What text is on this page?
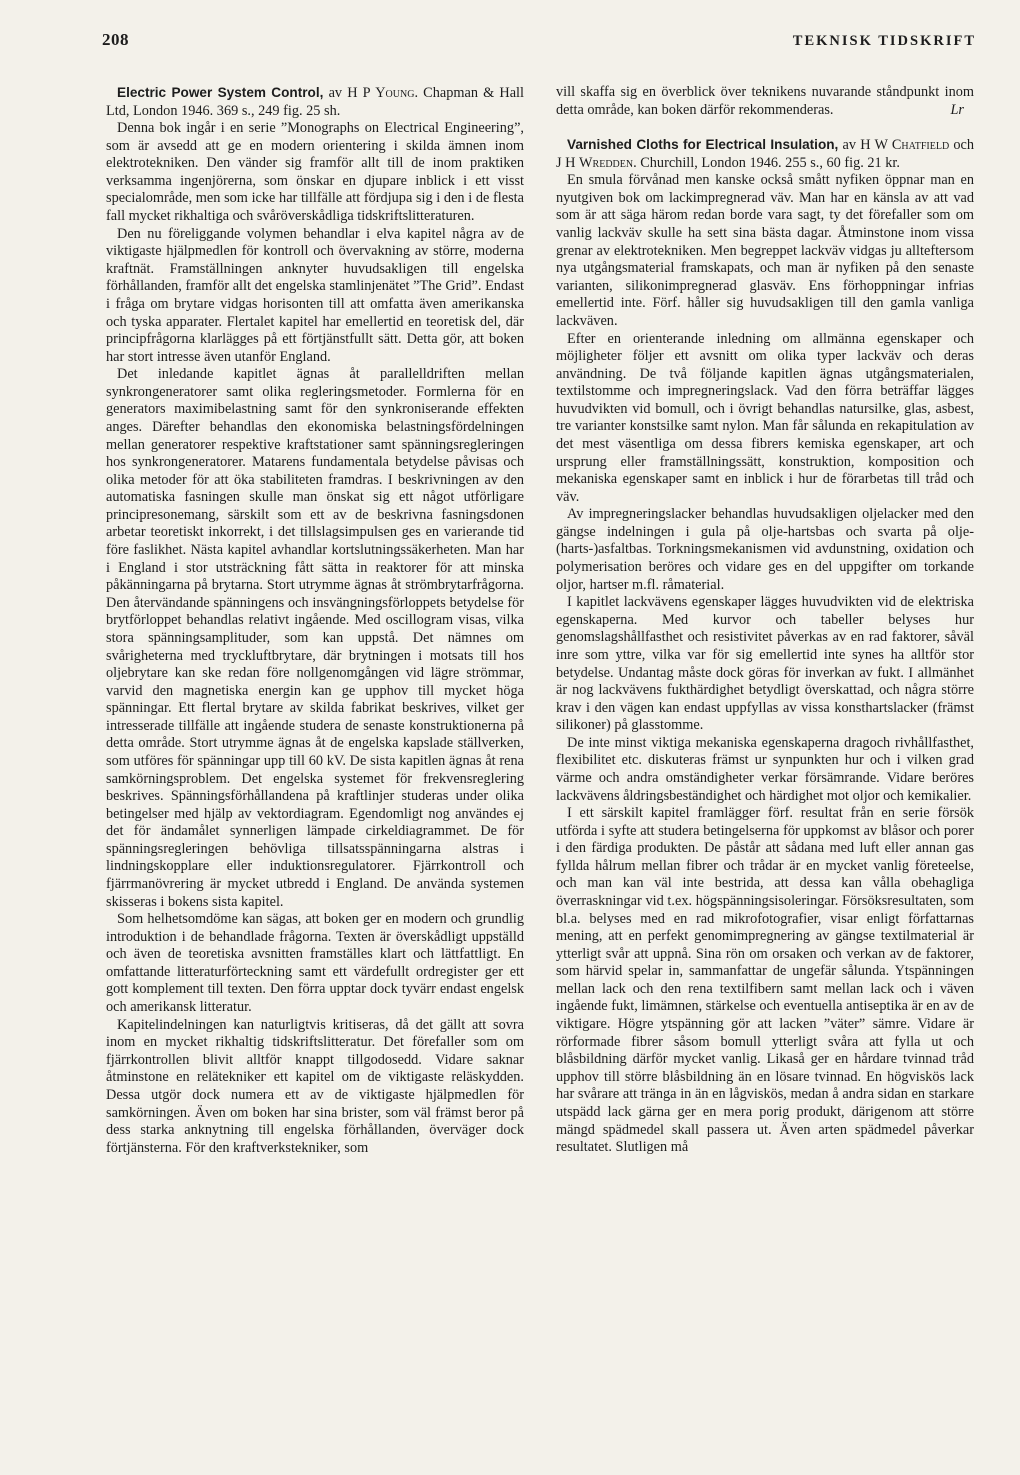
208	TEKNISK TIDSKRIFT

Electric Power System Control, av H P Young. Chapman & Hall Ltd, London 1946. 369 s., 249 fig. 25 sh.

Denna bok ingår i en serie ”Monographs on Electrical Engineering”, som är avsedd att ge en modern orientering i skilda ämnen inom elektrotekniken. Den vänder sig framför allt till de inom praktiken verksamma ingenjörerna, som önskar en djupare inblick i ett visst specialområde, men som icke har tillfälle att fördjupa sig i den i de flesta fall mycket rikhaltiga och svåröverskådliga tidskriftslitteraturen.

Den nu föreliggande volymen behandlar i elva kapitel några av de viktigaste hjälpmedlen för kontroll och övervakning av större, moderna kraftnät. Framställningen anknyter huvudsakligen till engelska förhållanden, framför allt det engelska stamlinjenätet ”The Grid”. Endast i fråga om brytare vidgas horisonten till att omfatta även amerikanska och tyska apparater. Flertalet kapitel har emellertid en teoretisk del, där principfrågorna klarlägges på ett förtjänstfullt sätt. Detta gör, att boken har stort intresse även utanför England.

Det inledande kapitlet ägnas åt parallelldriften mellan synkrongeneratorer samt olika regleringsmetoder. Formlerna för en generators maximibelastning samt för den synkroniserande effekten anges. Därefter behandlas den ekonomiska belastningsfördelningen mellan generatorer respektive kraftstationer samt spänningsregleringen hos synkrongeneratorer. Matarens fundamentala betydelse påvisas och olika metoder för att öka stabiliteten framdras. I beskrivningen av den automatiska fasningen skulle man önskat sig ett något utförligare principresonemang, särskilt som ett av de beskrivna fasningsdonen arbetar teoretiskt inkorrekt, i det tillslagsimpulsen ges en varierande tid före faslikhet. Nästa kapitel avhandlar kortslutningssäkerheten. Man har i England i stor utsträckning fått sätta in reaktorer för att minska påkänningarna på brytarna. Stort utrymme ägnas åt strömbrytarfrågorna. Den återvändande spänningens och insvängningsförloppets betydelse för brytförloppet behandlas relativt ingående. Med oscillogram visas, vilka stora spänningsamplituder, som kan uppstå. Det nämnes om svårigheterna med tryckluftbrytare, där brytningen i motsats till hos oljebrytare kan ske redan före nollgenomgången vid lägre strömmar, varvid den magnetiska energin kan ge upphov till mycket höga spänningar. Ett flertal brytare av skilda fabrikat beskrives, vilket ger intresserade tillfälle att ingående studera de senaste konstruktionerna på detta område. Stort utrymme ägnas åt de engelska kapslade ställverken, som utföres för spänningar upp till 60 kV. De sista kapitlen ägnas åt rena samkörningsproblem. Det engelska systemet för frekvensreglering beskrives. Spänningsförhållandena på kraftlinjer studeras under olika betingelser med hjälp av vektordiagram. Egendomligt nog användes ej det för ändamålet synnerligen lämpade cirkeldiagrammet. De för spänningsregleringen behövliga tillsatsspänningarna alstras i lindningskopplare eller induktionsregulatorer. Fjärrkontroll och fjärrmanövrering är mycket utbredd i England. De använda systemen skisseras i bokens sista kapitel.

Som helhetsomdöme kan sägas, att boken ger en modern och grundlig introduktion i de behandlade frågorna. Texten är överskådligt uppställd och även de teoretiska avsnitten framställes klart och lättfattligt. En omfattande litteraturförteckning samt ett värdefullt ordregister ger ett gott komplement till texten. Den förra upptar dock tyvärr endast engelsk och amerikansk litteratur.

Kapitelindelningen kan naturligtvis kritiseras, då det gällt att sovra inom en mycket rikhaltig tidskriftslitteratur. Det förefaller som om fjärrkontrollen blivit alltför knappt tillgodosedd. Vidare saknar åtminstone en reläteknikeг ett kapitel om de viktigaste reläskydden. Dessa utgör dock numera ett av de viktigaste hjälpmedlen för samkörningen. Även om boken har sina brister, som väl främst beror på dess starka anknytning till engelska förhållanden, överväger dock förtjänsterna. För den kraftverkstekniker, som

vill skaffa sig en överblick över teknikens nuvarande ståndpunkt inom detta område, kan boken därför rekommenderas.	Lr

Varnished Cloths for Electrical Insulation, av H W Chatfield och J H Wredden. Churchill, London 1946. 255 s., 60 fig. 21 kr.

En smula förvånad men kanske också smått nyfiken öppnar man en nyutgiven bok om lackimpregnerad väv. Man har en känsla av att vad som är att säga härom redan borde vara sagt, ty det förefaller som om vanlig lackväv skulle ha sett sina bästa dagar. Åtminstone inom vissa grenar av elektrotekniken. Men begreppet lackväv vidgas ju allteftersom nya utgångsmaterial framskapats, och man är nyfiken på den senaste varianten, silikonimpregnerad glasväv. Ens förhoppningar infrias emellertid inte. Förf. håller sig huvudsakligen till den gamla vanliga lackväven.

Efter en orienterande inledning om allmänna egenskaper och möjligheter följer ett avsnitt om olika typer lackväv och deras användning. De två följande kapitlen ägnas utgångsmaterialen, textilstomme och impregneringslack. Vad den förra beträffar lägges huvudvikten vid bomull, och i övrigt behandlas natursilke, glas, asbest, tre varianter konstsilke samt nylon. Man får sålunda en rekapitulation av det mest väsentliga om dessa fibrers kemiska egenskaper, art och ursprung eller framställningssätt, konstruktion, komposition och mekaniska egenskaper samt en inblick i hur de förarbetas till tråd och väv.

Av impregneringslacker behandlas huvudsakligen oljelacker med den gängse indelningen i gula på olje-hartsbas och svarta på olje-(harts-)asfaltbas. Torkningsmekanismen vid avdunstning, oxidation och polymerisation beröres och vidare ges en del uppgifter om torkande oljor, hartser m.fl. råmaterial.

I kapitlet lackvävens egenskaper lägges huvudvikten vid de elektriska egenskaperna. Med kurvor och tabeller belyses hur genomslagshållfasthet och resistivitet påverkas av en rad faktorer, såväl inre som yttre, vilka var för sig emellertid inte synes ha alltför stor betydelse. Undantag måste dock göras för inverkan av fukt. I allmänhet är nog lackvävens fukthärdighet betydligt överskattad, och några större krav i den vägen kan endast uppfyllas av vissa konsthartslacker (främst silikoner) på glasstomme.

De inte minst viktiga mekaniska egenskaperna dragoch rivhållfasthet, flexibilitet etc. diskuteras främst ur synpunkten hur och i vilken grad värme och andra omständigheter verkar försämrande. Vidare beröres lackvävens åldringsbeständighet och härdighet mot oljor och kemikalier.

I ett särskilt kapitel framlägger förf. resultat från en serie försök utförda i syfte att studera betingelserna för uppkomst av blåsor och porer i den färdiga produkten. De påstår att sådana med luft eller annan gas fyllda hålrum mellan fibrer och trådar är en mycket vanlig företeelse, och man kan väl inte bestrida, att dessa kan vålla obehagliga överraskningar vid t.ex. högspänningsisoleringar. Försöksresultaten, som bl.a. belyses med en rad mikrofotografier, visar enligt författarnas mening, att en perfekt genomimpregnering av gängse textilmaterial är ytterligt svår att uppnå. Sina rön om orsaken och verkan av de faktorer, som härvid spelar in, sammanfattar de ungefär sålunda. Ytspänningen mellan lack och den rena textilfibern samt mellan lack och i väven ingående fukt, limämnen, stärkelse och eventuella antiseptika är en av de viktigare. Högre ytspänning gör att lacken ”väter” sämre. Vidare är rörformade fibrer såsom bomull ytterligt svåra att fylla ut och blåsbildning därför mycket vanlig. Likaså ger en hårdare tvinnad tråd upphov till större blåsbildning än en lösare tvinnad. En högviskös lack har svårare att tränga in än en lågviskös, medan å andra sidan en starkare utspädd lack gärna ger en mera porig produkt, därigenom att större mängd spädmedel skall passera ut. Även arten spädmedel påverkar resultatet. Slutligen må
